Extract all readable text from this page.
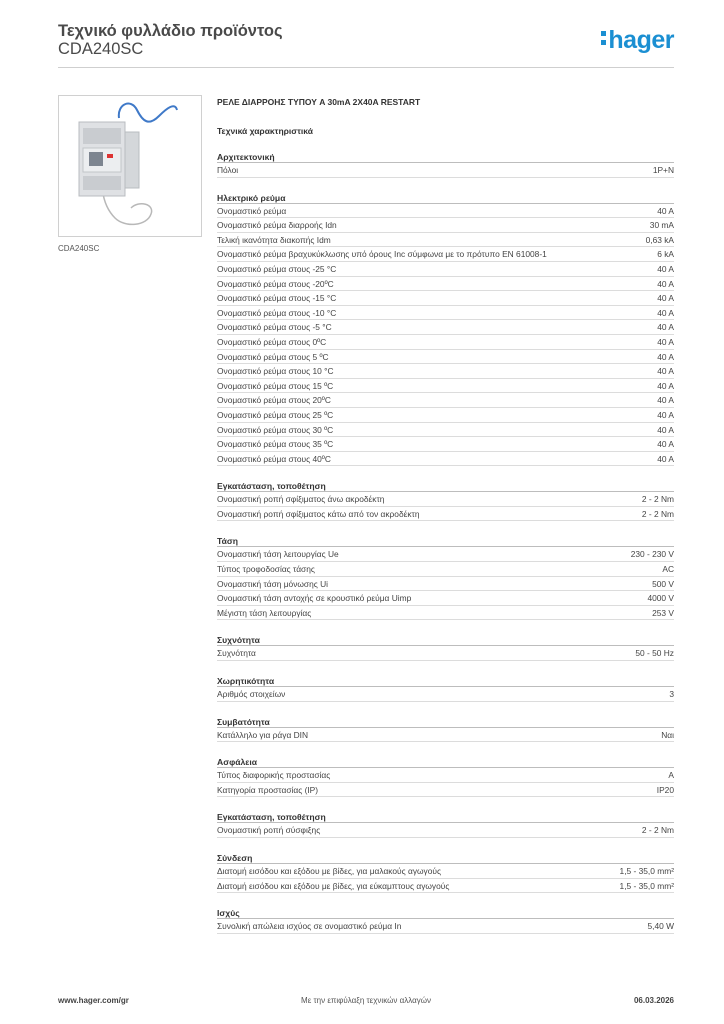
Τεχνικό φυλλάδιο προϊόντος
CDA240SC	hager
CDA240SC
ΡΕΛΕ ΔΙΑΡΡΟΗΣ ΤΥΠΟΥ A 30mA 2X40A RESTART
Τεχνικά χαρακτηριστικά
Αρχιτεκτονική
Πόλοι	1P+N
Ηλεκτρικό ρεύμα
Ονομαστικό ρεύμα	40 A
Ονομαστικό ρεύμα διαρροής Idn	30 mA
Τελική ικανότητα διακοπής Idm	0,63 kA
Ονομαστικό ρεύμα βραχυκύκλωσης υπό όρους Inc σύμφωνα με το πρότυπο EN 61008-1	6 kA
Ονομαστικό ρεύμα στους -25 °C	40 A
Ονομαστικό ρεύμα στους -20ºC	40 A
Ονομαστικό ρεύμα στους -15 °C	40 A
Ονομαστικό ρεύμα στους -10 °C	40 A
Ονομαστικό ρεύμα στους -5 °C	40 A
Ονομαστικό ρεύμα στους 0ºC	40 A
Ονομαστικό ρεύμα στους 5 ºC	40 A
Ονομαστικό ρεύμα στους 10 °C	40 A
Ονομαστικό ρεύμα στους 15 ºC	40 A
Ονομαστικό ρεύμα στους 20ºC	40 A
Ονομαστικό ρεύμα στους 25 ºC	40 A
Ονομαστικό ρεύμα στους 30 ºC	40 A
Ονομαστικό ρεύμα στους 35 ºC	40 A
Ονομαστικό ρεύμα στους 40ºC	40 A
Εγκατάσταση, τοποθέτηση
Ονομαστική ροπή σφίξιματος άνω ακροδέκτη	2 - 2 Nm
Ονομαστική ροπή σφίξιματος κάτω από τον ακροδέκτη	2 - 2 Nm
Τάση
Ονομαστική τάση λειτουργίας Ue	230 - 230 V
Τύπος τροφοδοσίας τάσης	AC
Ονομαστική τάση μόνωσης Ui	500 V
Ονομαστική τάση αντοχής σε κρουστικό ρεύμα Uimp	4000 V
Μέγιστη τάση λειτουργίας	253 V
Συχνότητα
Συχνότητα	50 - 50 Hz
Χωρητικότητα
Αριθμός στοιχείων	3
Συμβατότητα
Κατάλληλο για ράγα DIN	Ναι
Ασφάλεια
Τύπος διαφορικής προστασίας	A
Κατηγορία προστασίας (IP)	IP20
Εγκατάσταση, τοποθέτηση
Ονομαστική ροπή σύσφιξης	2 - 2 Nm
Σύνδεση
Διατομή εισόδου και εξόδου με βίδες, για μαλακούς αγωγούς	1,5 - 35,0 mm²
Διατομή εισόδου και εξόδου με βίδες, για εύκαμπτους αγωγούς	1,5 - 35,0 mm²
Ισχύς
Συνολική απώλεια ισχύος σε ονομαστικό ρεύμα In	5,40 W
www.hager.com/gr	Με την επιφύλαξη τεχνικών αλλαγών	06.03.2026
